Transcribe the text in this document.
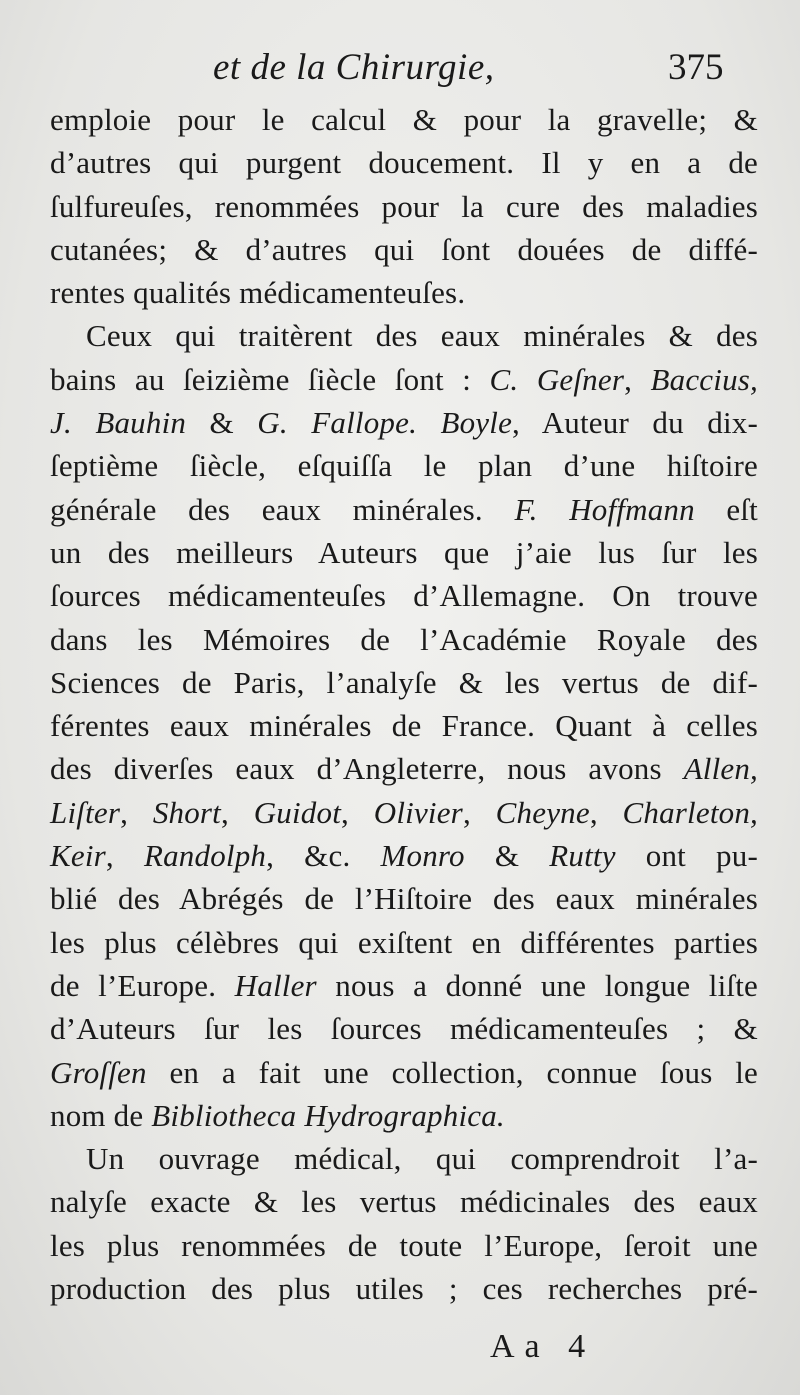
et de la Chirurgie,	375
emploie pour le calcul & pour la gravelle; &
d’autres qui purgent doucement. Il y en a de
ſulfureuſes, renommées pour la cure des maladies
cutanées; & d’autres qui ſont douées de diffé-
rentes qualités médicamenteuſes.
Ceux qui traitèrent des eaux minérales & des
bains au ſeizième ſiècle ſont : C. Geſner, Baccius,
J. Bauhin & G. Fallope. Boyle, Auteur du dix-
ſeptième ſiècle, eſquiſſa le plan d’une hiſtoire
générale des eaux minérales. F. Hoffmann eſt
un des meilleurs Auteurs que j’aie lus ſur les
ſources médicamenteuſes d’Allemagne. On trouve
dans les Mémoires de l’Académie Royale des
Sciences de Paris, l’analyſe & les vertus de dif-
férentes eaux minérales de France. Quant à celles
des diverſes eaux d’Angleterre, nous avons Allen,
Liſter, Short, Guidot, Olivier, Cheyne, Charleton,
Keir, Randolph, &c. Monro & Rutty ont pu-
blié des Abrégés de l’Hiſtoire des eaux minérales
les plus célèbres qui exiſtent en différentes parties
de l’Europe. Haller nous a donné une longue liſte
d’Auteurs ſur les ſources médicamenteuſes ; &
Groſſen en a fait une collection, connue ſous le
nom de Bibliotheca Hydrographica.
Un ouvrage médical, qui comprendroit l’a-
nalyſe exacte & les vertus médicinales des eaux
les plus renommées de toute l’Europe, ſeroit une
production des plus utiles ; ces recherches pré-
Aa 4
